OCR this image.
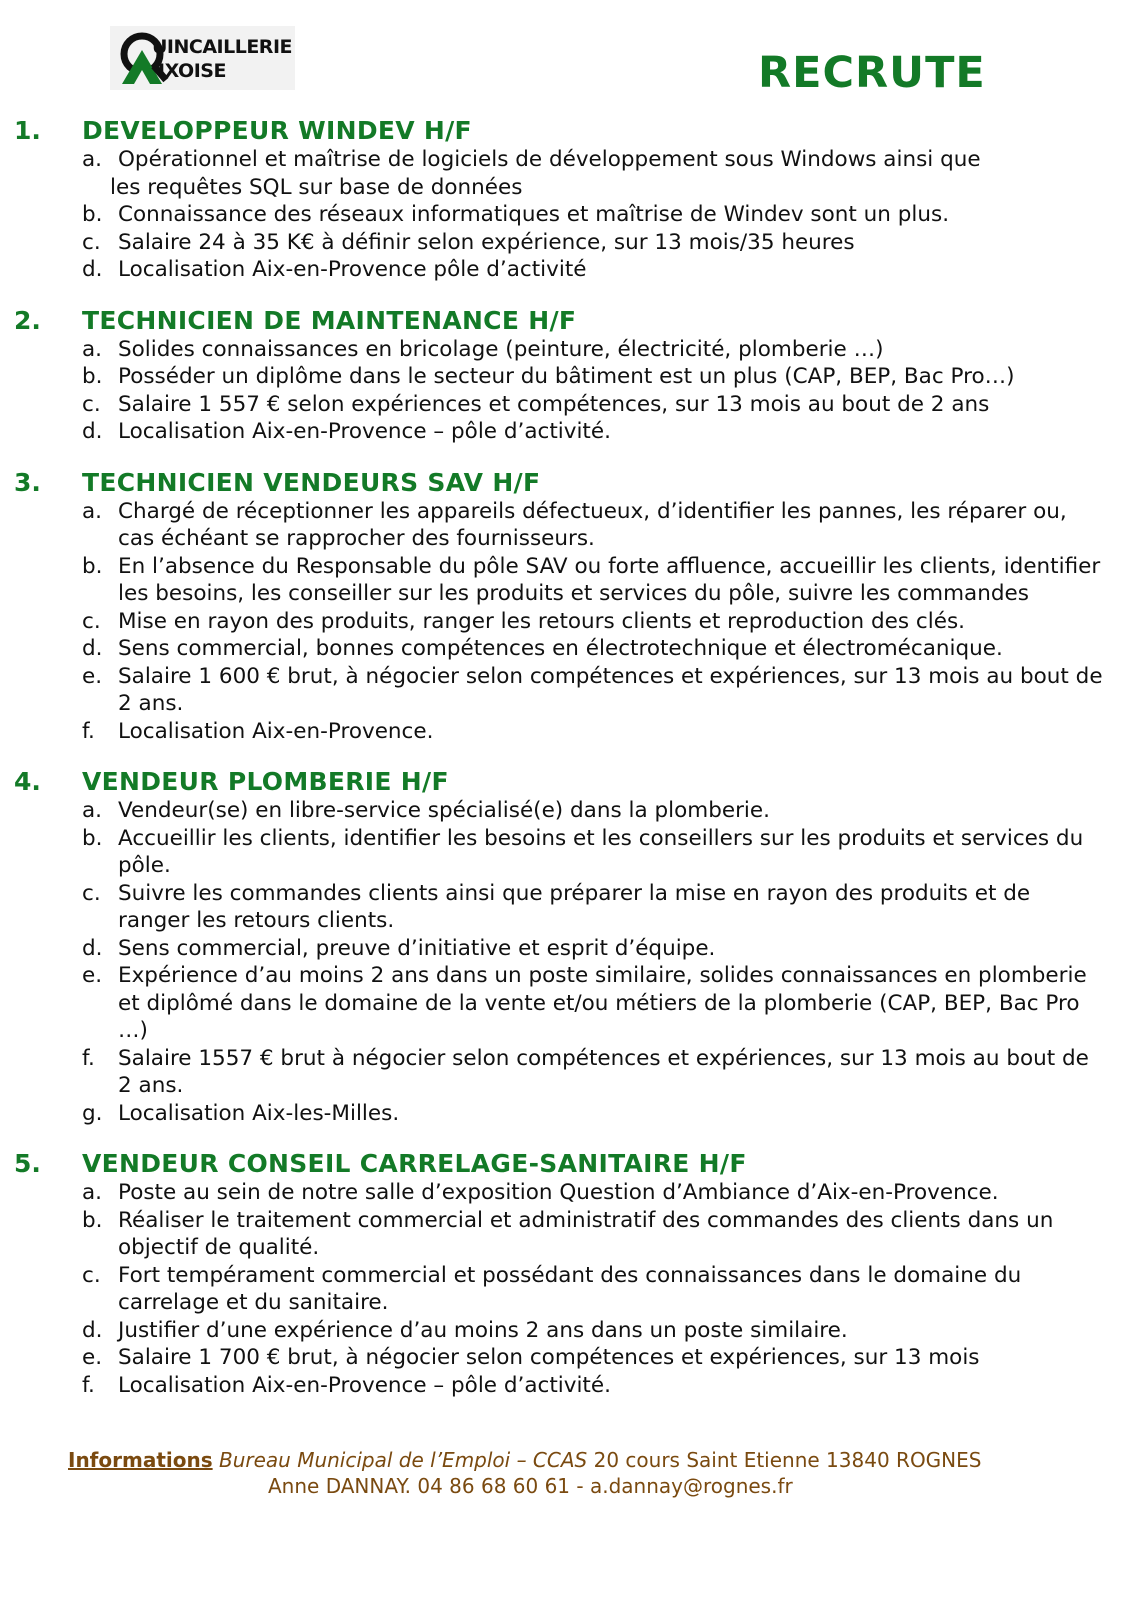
UINCAILLERIE
IXOISE	RECRUTE
1.	DEVELOPPEUR WINDEV H/F
a. Opérationnel et maîtrise de logiciels de développement sous Windows ainsi que
les requêtes SQL sur base de données
b. Connaissance des réseaux informatiques et maîtrise de Windev sont un plus.
c. Salaire 24 à 35 K€ à définir selon expérience, sur 13 mois/35 heures
d. Localisation Aix-en-Provence pôle d’activité
2.	TECHNICIEN DE MAINTENANCE H/F
a. Solides connaissances en bricolage (peinture, électricité, plomberie …)
b. Posséder un diplôme dans le secteur du bâtiment est un plus (CAP, BEP, Bac Pro…)
c. Salaire 1 557 € selon expériences et compétences, sur 13 mois au bout de 2 ans
d. Localisation Aix-en-Provence – pôle d’activité.
3.	TECHNICIEN VENDEURS SAV H/F
a. Chargé de réceptionner les appareils défectueux, d’identifier les pannes, les réparer ou, cas échéant se rapprocher des fournisseurs.
b. En l’absence du Responsable du pôle SAV ou forte affluence, accueillir les clients, identifier les besoins, les conseiller sur les produits et services du pôle, suivre les commandes
c. Mise en rayon des produits, ranger les retours clients et reproduction des clés.
d. Sens commercial, bonnes compétences en électrotechnique et électromécanique.
e. Salaire 1 600 € brut, à négocier selon compétences et expériences, sur 13 mois au bout de 2 ans.
f.	Localisation Aix-en-Provence.
4.	VENDEUR PLOMBERIE H/F
a. Vendeur(se) en libre-service spécialisé(e) dans la plomberie.
b. Accueillir les clients, identifier les besoins et les conseillers sur les produits et services du pôle.
c. Suivre les commandes clients ainsi que préparer la mise en rayon des produits et de ranger les retours clients.
d. Sens commercial, preuve d’initiative et esprit d’équipe.
e. Expérience d’au moins 2 ans dans un poste similaire, solides connaissances en plomberie et diplômé dans le domaine de la vente et/ou métiers de la plomberie (CAP, BEP, Bac Pro …)
f.	Salaire 1557 € brut à négocier selon compétences et expériences, sur 13 mois au bout de 2 ans.
g. Localisation Aix-les-Milles.
5.	VENDEUR CONSEIL CARRELAGE-SANITAIRE H/F
a. Poste au sein de notre salle d’exposition Question d’Ambiance d’Aix-en-Provence.
b. Réaliser le traitement commercial et administratif des commandes des clients dans un objectif de qualité.
c. Fort tempérament commercial et possédant des connaissances dans le domaine du carrelage et du sanitaire.
d. Justifier d’une expérience d’au moins 2 ans dans un poste similaire.
e. Salaire 1 700 € brut, à négocier selon compétences et expériences, sur 13 mois
f.	Localisation Aix-en-Provence – pôle d’activité.
Informations Bureau Municipal de l’Emploi – CCAS 20 cours Saint Etienne 13840 ROGNES
Anne DANNAY. 04 86 68 60 61 - a.dannay@rognes.fr
